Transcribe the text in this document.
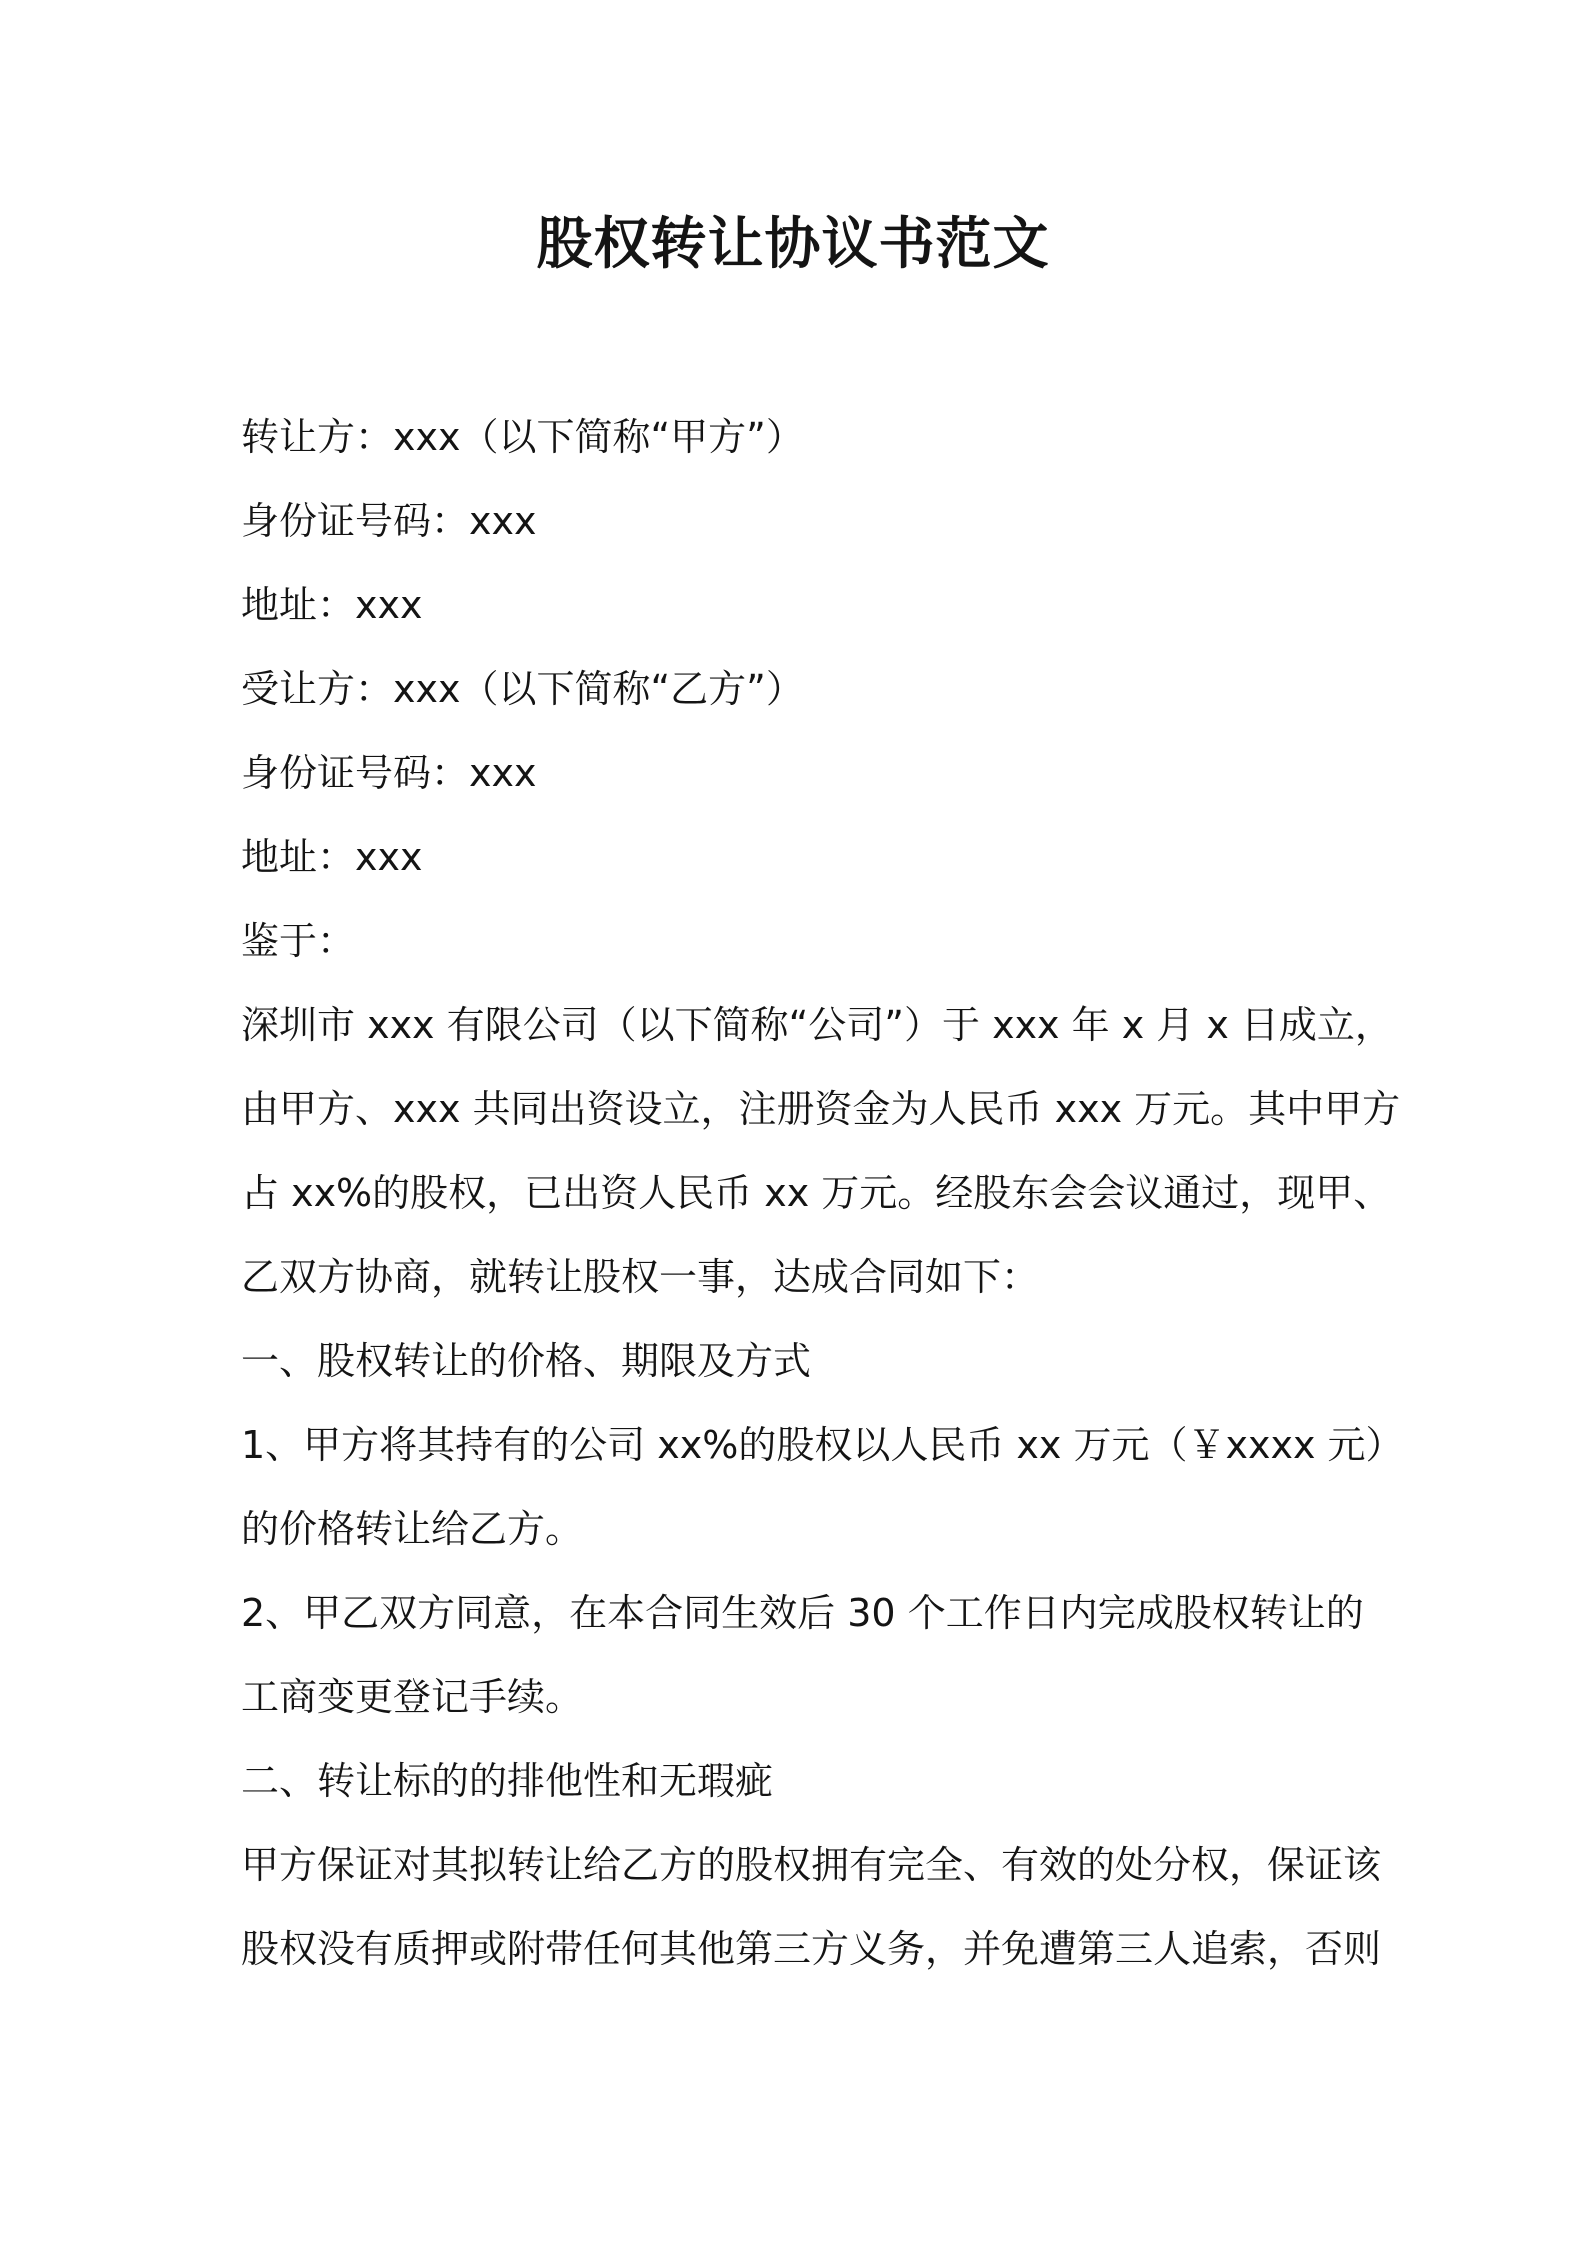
股权转让协议书范文
转让方：xxx（以下简称“甲方”）
身份证号码：xxx
地址：xxx
受让方：xxx（以下简称“乙方”）
身份证号码：xxx
地址：xxx
鉴于：
深圳市 xxx 有限公司（以下简称“公司”）于 xxx 年 x 月 x 日成立，
由甲方、xxx 共同出资设立，注册资金为人民币 xxx 万元。其中甲方
占 xx%的股权，已出资人民币 xx 万元。经股东会会议通过，现甲、
乙双方协商，就转让股权一事，达成合同如下：
一、股权转让的价格、期限及方式
1、甲方将其持有的公司 xx%的股权以人民币 xx 万元（￥xxxx 元）
的价格转让给乙方。
2、甲乙双方同意，在本合同生效后 30 个工作日内完成股权转让的
工商变更登记手续。
二、转让标的的排他性和无瑕疵
甲方保证对其拟转让给乙方的股权拥有完全、有效的处分权，保证该
股权没有质押或附带任何其他第三方义务，并免遭第三人追索，否则
